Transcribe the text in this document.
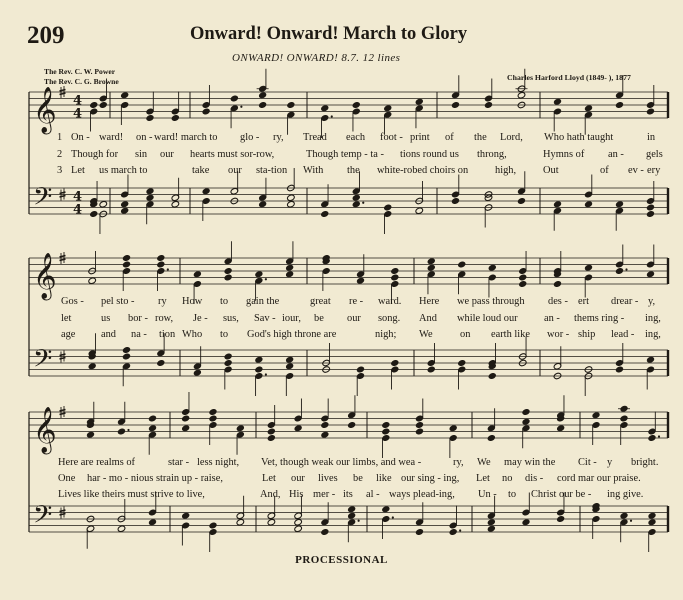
209	Onward! Onward! March to Glory
ONWARD! ONWARD! 8.7. 12 lines
The Rev. C. W. Power
The Rev. C. G. Browne	Charles Harford Lloyd (1849- ), 1877
𝄞
𝄢
4
4
4
4
𝄞
𝄢
𝄞
𝄢
1 On - ward! on - ward! march to glo - ry, Tread each foot - print of the Lord, Who hath taught	in
2 Though for sin our hearts must sor-row,	Though temp - ta - tions round us throng,	Hymns of an - gels
3 Let us march to	take our sta-tion With the white-robed choirs on	high,	Out	of ev - ery
Gos - pel sto - ry How to gain the	great re - ward. Here we pass through des - ert drear - y,
let	us bor - row, Je - sus, Sav - iour, be our song. And while loud our	an - thems ring - ing,
age and na - tion Who to God's high throne are	nigh; We	on earth like wor - ship lead - ing,
Here are realms of	star - less night, Vet, though weak our limbs, and wea -	ry, We may win the Cit - y bright.
One har - mo - nious strain up - raise,	Let our lives be like our sing - ing, Let no dis - cord mar our praise.
Lives like theirs must strive to live,	And, His mer - its al - ways plead-ing, Un - to Christ our be - ing give.
PROCESSIONAL
